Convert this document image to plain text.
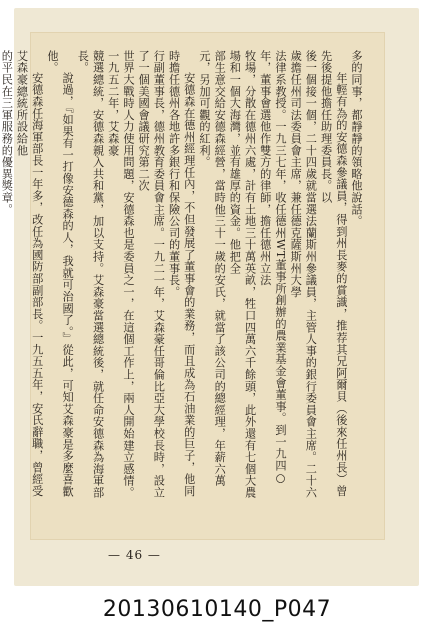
多的同事，都靜靜的領略他說話。

年輕有為的安德森參議員，得到州長麥的賞識，推荐其兄阿爾貝（後來任州長）曾先後提他擔任助理委員長。以

後一個接一個，二十四歲就當選法蘭斯州參議員，主管人事的銀行委員會主席。二十六歲擔任州司法委員會主席，兼任德克薩斯州大學

法律系教授。一九三七年，收任德州WT董事所創辦的農業基金會董事。到一九四○年，董事會選他作雙方的律師，擔任德州立法

牧場，分散在德州六處，計有土地三十萬英畝，牲口四萬六千餘頭，此外還有七個大農場和一個大海灣，並有雄厚的資金。他把全

部生意交給安德森經營，當時他三十一歲的安氏，就當了該公司的總經理，年薪六萬元，另加可觀的紅利。

安德森在德州經理任內，不但發展了董事會的業務，而且成為石油業的巨子，他同時擔任德州各地許多銀行和保險公司的董事長。

行副董事長，德州教育委員會主席。一九二一年，艾森豪任哥倫比亞大學校長時，設立了一個美國會議研究第二次

世界大戰時人力使用問題，安德森也是委員之一，在這個工作上，兩人開始建立感情。一九五二年，艾森豪

競選總統，安德森親入共和黨，加以支持。艾森豪當選總統後，就任命安德森為海軍部長。

說過，『如果有一打像安德森的人，我就可治國了。』從此，可知艾森豪是多麼喜歡他。

安德森任海軍部長一年多，改任為國防部副部長。一九五五年，安氏辭職，曾經受艾森豪總統所設給他

的平民在三軍服務的優異獎章。

— 46 —
20130610140_P047
